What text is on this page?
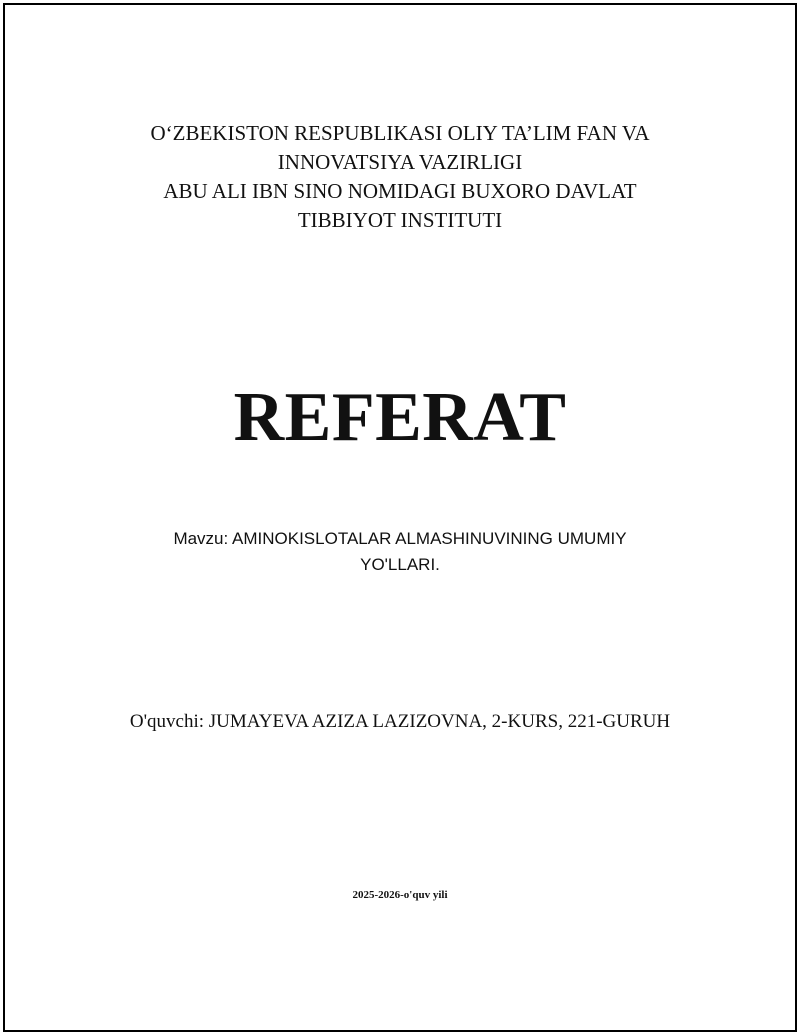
O‘ZBEKISTON RESPUBLIKASI OLIY TA’LIM FAN VA
INNOVATSIYA VAZIRLIGI
ABU ALI IBN SINO NOMIDAGI BUXORO DAVLAT
TIBBIYOT INSTITUTI
REFERAT
Mavzu: AMINOKISLOTALAR ALMASHINUVINING UMUMIY
YO'LLARI.
O'quvchi: JUMAYEVA AZIZA LAZIZOVNA, 2-KURS, 221-GURUH
2025-2026-o'quv yili
